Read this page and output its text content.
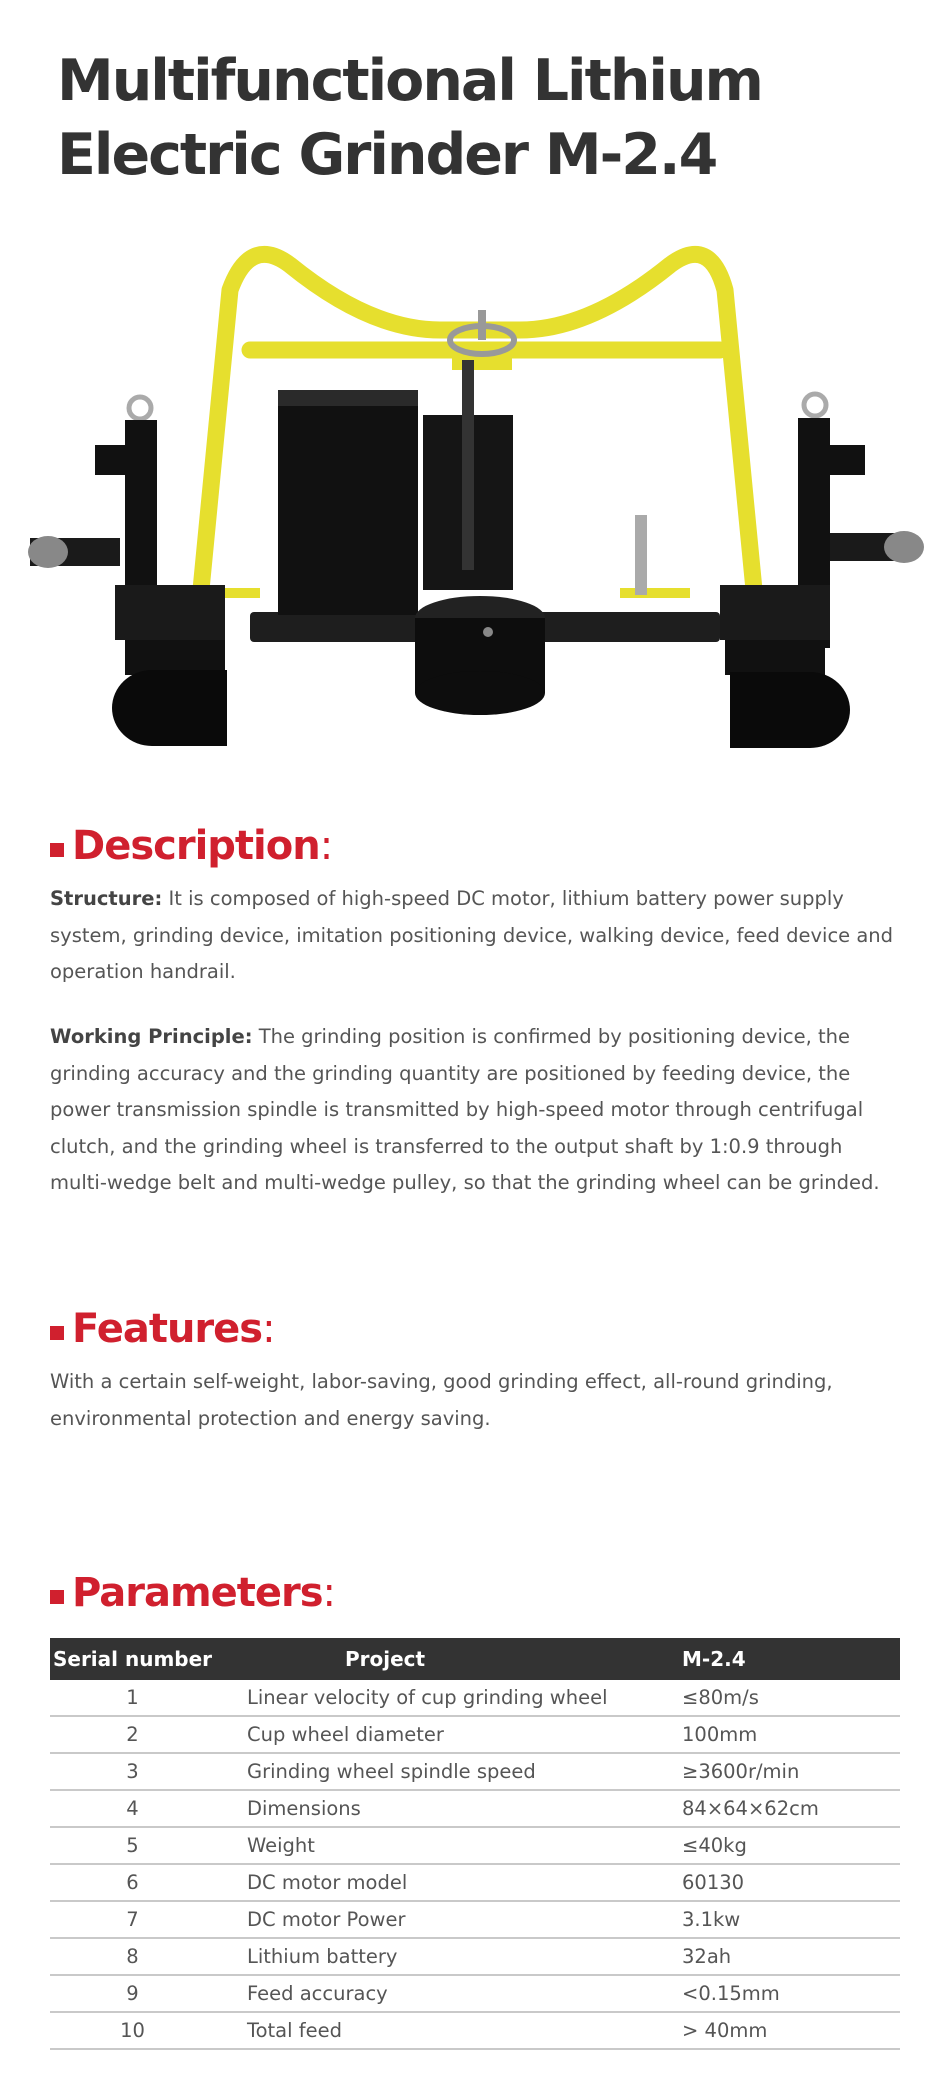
Multifunctional Lithium Electric Grinder M-2.4
Description:

Structure: It is composed of high-speed DC motor, lithium battery power supply system, grinding device, imitation positioning device, walking device, feed device and operation handrail.

Working Principle: The grinding position is confirmed by positioning device, the grinding accuracy and the grinding quantity are positioned by feeding device, the power transmission spindle is transmitted by high-speed motor through centrifugal clutch, and the grinding wheel is transferred to the output shaft by 1:0.9 through multi-wedge belt and multi-wedge pulley, so that the grinding wheel can be grinded.

Features:

With a certain self-weight, labor-saving, good grinding effect, all-round grinding, environmental protection and energy saving.

Parameters:
Serial number	Project	M-2.4
1	Linear velocity of cup grinding wheel	≤80m/s
2	Cup wheel diameter	100mm
3	Grinding wheel spindle speed	≥3600r/min
4	Dimensions	84×64×62cm
5	Weight	≤40kg
6	DC motor model	60130
7	DC motor Power	3.1kw
8	Lithium battery	32ah
9	Feed accuracy	<0.15mm
10	Total feed	> 40mm
